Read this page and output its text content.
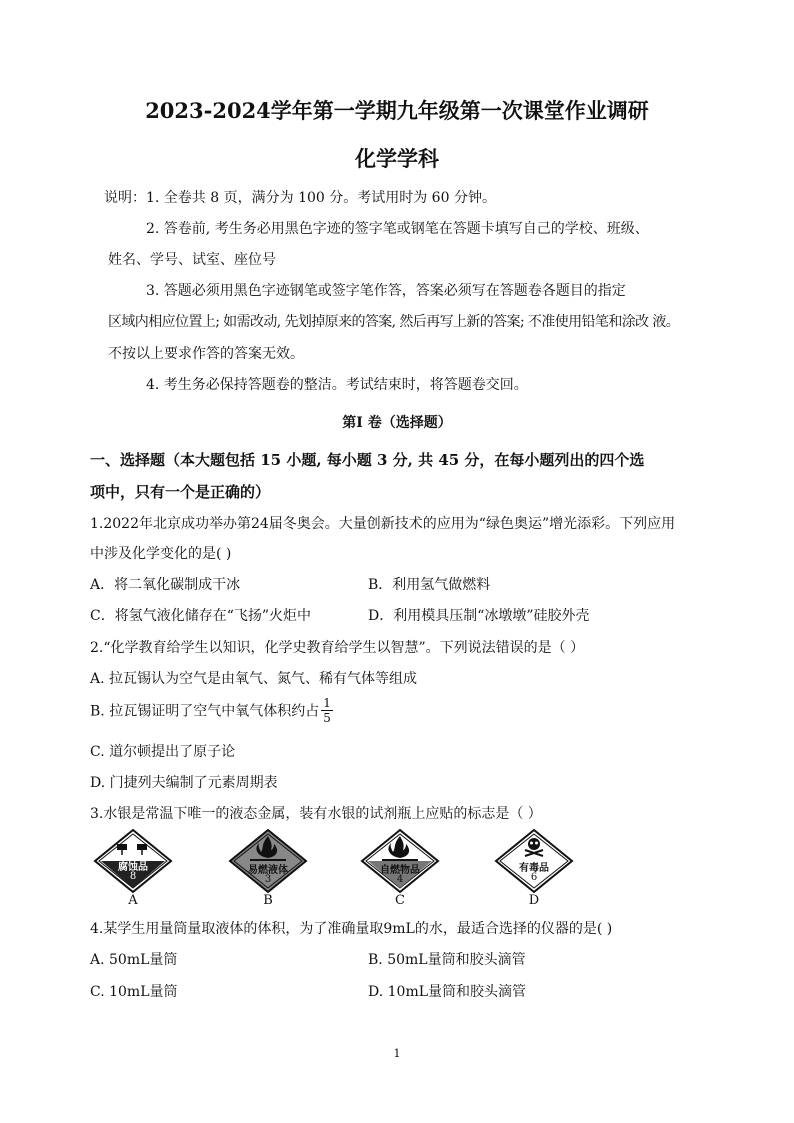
2023-2024学年第一学期九年级第一次课堂作业调研
化学学科
说明：1. 全卷共 8 页，满分为 100 分。考试用时为 60 分钟。
2. 答卷前, 考生务必用黑色字迹的签字笔或钢笔在答题卡填写自己的学校、班级、
姓名、学号、试室、座位号
3. 答题必须用黑色字迹钢笔或签字笔作答，答案必须写在答题卷各题目的指定
区域内相应位置上; 如需改动, 先划掉原来的答案, 然后再写上新的答案; 不准使用铅笔和涂改 液。
不按以上要求作答的答案无效。
4. 考生务必保持答题卷的整洁。考试结束时，将答题卷交回。
第Ⅰ 卷（选择题）
一、选择题（本大题包括 15 小题, 每小题 3 分, 共 45 分，在每小题列出的四个选
项中，只有一个是正确的）
1.2022年北京成功举办第24届冬奥会。大量创新技术的应用为“绿色奥运”增光添彩。下列应用
中涉及化学变化的是( )
A．将二氧化碳制成干冰	B．利用氢气做燃料
C．将氢气液化储存在“飞扬”火炬中	D．利用模具压制“冰墩墩”硅胶外壳
2.“化学教育给学生以知识，化学史教育给学生以智慧”。下列说法错误的是（ ）
A. 拉瓦锡认为空气是由氧气、氮气、稀有气体等组成
B. 拉瓦锡证明了空气中氧气体积约占 $\frac{1}{5}$
C. 道尔顿提出了原子论
D. 门捷列夫编制了元素周期表
3.水银是常温下唯一的液态金属，装有水银的试剂瓶上应贴的标志是（ ）
腐蚀品
8
A
易燃液体
3
B
自燃物品
4
C
有毒品
6
D
4.某学生用量筒量取液体的体积，为了准确量取9mL的水，最适合选择的仪器的是( )
A. 50mL量筒	B. 50mL量筒和胶头滴管
C. 10mL量筒	D. 10mL量筒和胶头滴管
1
